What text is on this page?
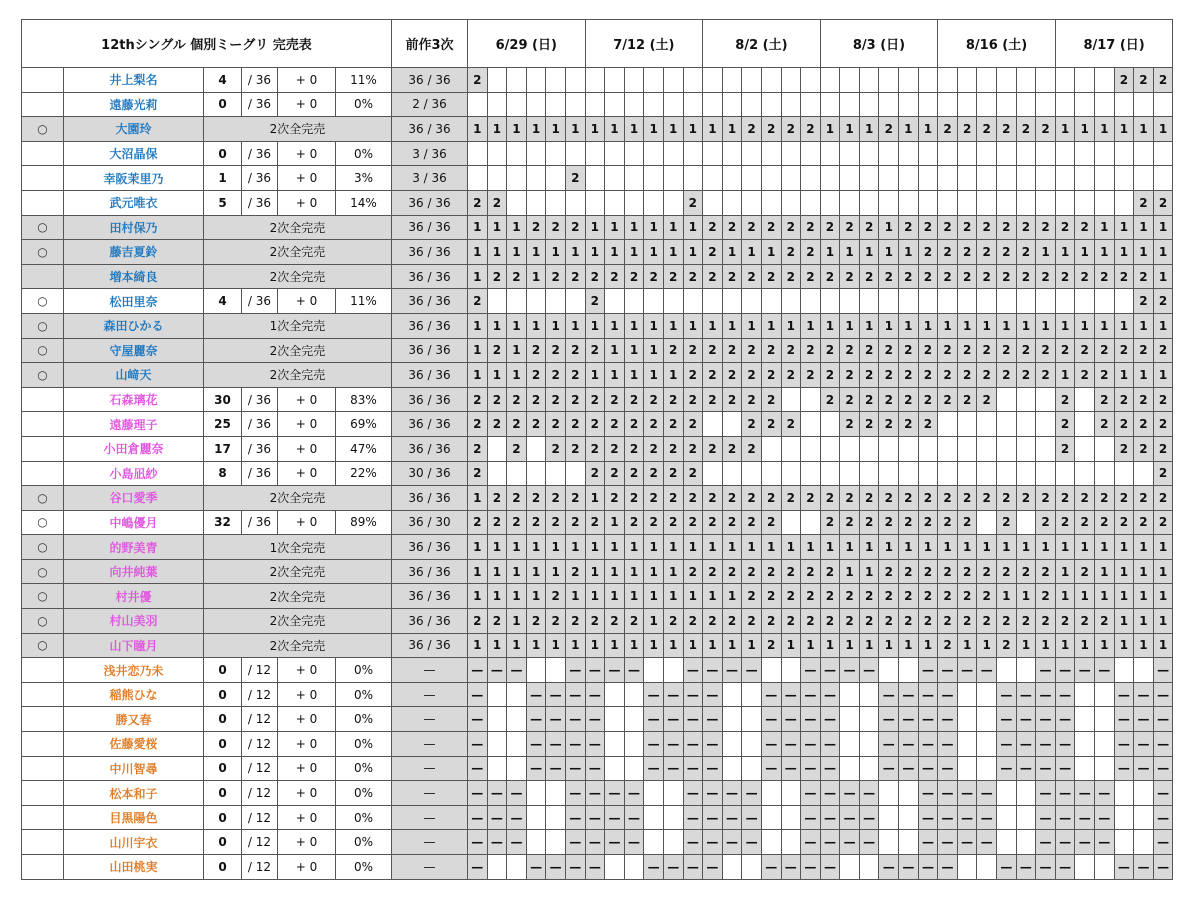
12thシングル 個別ミーグリ 完売表						前作3次	6/29 (日)						7/12 (土)						8/2 (土)						8/3 (日)						8/16 (土)						8/17 (日)					
	井上梨名	4	/ 36	+ 0	11%	36 / 36	2																																	2	2	2
	遠藤光莉	0	/ 36	+ 0	0%	2 / 36																																				
○	大園玲	2次全完売				36 / 36	1	1	1	1	1	1	1	1	1	1	1	1	1	1	2	2	2	2	1	1	1	2	1	1	2	2	2	2	2	2	1	1	1	1	1	1
	大沼晶保	0	/ 36	+ 0	0%	3 / 36																																				
	幸阪茉里乃	1	/ 36	+ 0	3%	3 / 36						2																														
	武元唯衣	5	/ 36	+ 0	14%	36 / 36	2	2										2																							2	2
○	田村保乃	2次全完売				36 / 36	1	1	1	2	2	2	1	1	1	1	1	1	2	2	2	2	2	2	2	2	2	1	2	2	2	2	2	2	2	2	2	2	1	1	1	1
○	藤吉夏鈴	2次全完売				36 / 36	1	1	1	1	1	1	1	1	1	1	1	1	2	1	1	1	2	2	1	1	1	1	1	2	2	2	2	2	2	1	1	1	1	1	1	1
	増本綺良	2次全完売				36 / 36	1	2	2	1	2	2	2	2	2	2	2	2	2	2	2	2	2	2	2	2	2	2	2	2	2	2	2	2	2	2	2	2	2	2	2	1
○	松田里奈	4	/ 36	+ 0	11%	36 / 36	2						2																												2	2
○	森田ひかる	1次全完売				36 / 36	1	1	1	1	1	1	1	1	1	1	1	1	1	1	1	1	1	1	1	1	1	1	1	1	1	1	1	1	1	1	1	1	1	1	1	1
○	守屋麗奈	2次全完売				36 / 36	1	2	1	2	2	2	2	1	1	1	2	2	2	2	2	2	2	2	2	2	2	2	2	2	2	2	2	2	2	2	2	2	2	2	2	2
○	山﨑天	2次全完売				36 / 36	1	1	1	2	2	2	1	1	1	1	1	2	2	2	2	2	2	2	2	2	2	2	2	2	2	2	2	2	2	2	1	2	2	1	1	1
	石森璃花	30	/ 36	+ 0	83%	36 / 36	2	2	2	2	2	2	2	2	2	2	2	2	2	2	2	2			2	2	2	2	2	2	2	2	2				2		2	2	2	2
	遠藤理子	25	/ 36	+ 0	69%	36 / 36	2	2	2	2	2	2	2	2	2	2	2	2			2	2	2			2	2	2	2	2							2		2	2	2	2
	小田倉麗奈	17	/ 36	+ 0	47%	36 / 36	2		2		2	2	2	2	2	2	2	2	2	2	2																2			2	2	2
	小島凪紗	8	/ 36	+ 0	22%	30 / 36	2						2	2	2	2	2	2																								2
○	谷口愛季	2次全完売				36 / 36	1	2	2	2	2	2	1	2	2	2	2	2	2	2	2	2	2	2	2	2	2	2	2	2	2	2	2	2	2	2	2	2	2	2	2	2
○	中嶋優月	32	/ 36	+ 0	89%	36 / 30	2	2	2	2	2	2	2	1	2	2	2	2	2	2	2	2			2	2	2	2	2	2	2	2		2		2	2	2	2	2	2	2
○	的野美青	1次全完売				36 / 36	1	1	1	1	1	1	1	1	1	1	1	1	1	1	1	1	1	1	1	1	1	1	1	1	1	1	1	1	1	1	1	1	1	1	1	1
○	向井純葉	2次全完売				36 / 36	1	1	1	1	1	2	1	1	1	1	1	2	2	2	2	2	2	2	2	1	1	2	2	2	2	2	2	2	2	2	1	2	1	1	1	1
○	村井優	2次全完売				36 / 36	1	1	1	1	2	1	1	1	1	1	1	1	1	1	2	2	2	2	2	2	2	2	2	2	2	2	2	1	1	2	1	1	1	1	1	1
○	村山美羽	2次全完売				36 / 36	2	2	1	2	2	2	2	2	2	1	2	2	2	2	2	2	2	2	2	2	2	2	2	2	2	2	2	2	2	2	2	2	2	1	1	1
○	山下瞳月	2次全完売				36 / 36	1	1	1	1	1	1	1	1	1	1	1	1	1	1	1	2	1	1	1	1	1	1	1	1	2	1	1	2	1	1	1	1	1	1	1	1
	浅井恋乃未	0	/ 12	+ 0	0%	—	—	—	—			—	—	—	—			—	—	—	—			—	—	—	—			—	—	—	—			—	—	—	—			—
	稲熊ひな	0	/ 12	+ 0	0%	—	—			—	—	—	—			—	—	—	—			—	—	—	—			—	—	—	—			—	—	—	—			—	—	—
	勝又春	0	/ 12	+ 0	0%	—	—			—	—	—	—			—	—	—	—			—	—	—	—			—	—	—	—			—	—	—	—			—	—	—
	佐藤愛桜	0	/ 12	+ 0	0%	—	—			—	—	—	—			—	—	—	—			—	—	—	—			—	—	—	—			—	—	—	—			—	—	—
	中川智尋	0	/ 12	+ 0	0%	—	—			—	—	—	—			—	—	—	—			—	—	—	—			—	—	—	—			—	—	—	—			—	—	—
	松本和子	0	/ 12	+ 0	0%	—	—	—	—			—	—	—	—			—	—	—	—			—	—	—	—			—	—	—	—			—	—	—	—			—
	目黒陽色	0	/ 12	+ 0	0%	—	—	—	—			—	—	—	—			—	—	—	—			—	—	—	—			—	—	—	—			—	—	—	—			—
	山川宇衣	0	/ 12	+ 0	0%	—	—	—	—			—	—	—	—			—	—	—	—			—	—	—	—			—	—	—	—			—	—	—	—			—
	山田桃実	0	/ 12	+ 0	0%	—	—			—	—	—	—			—	—	—	—			—	—	—	—			—	—	—	—			—	—	—	—			—	—	—
